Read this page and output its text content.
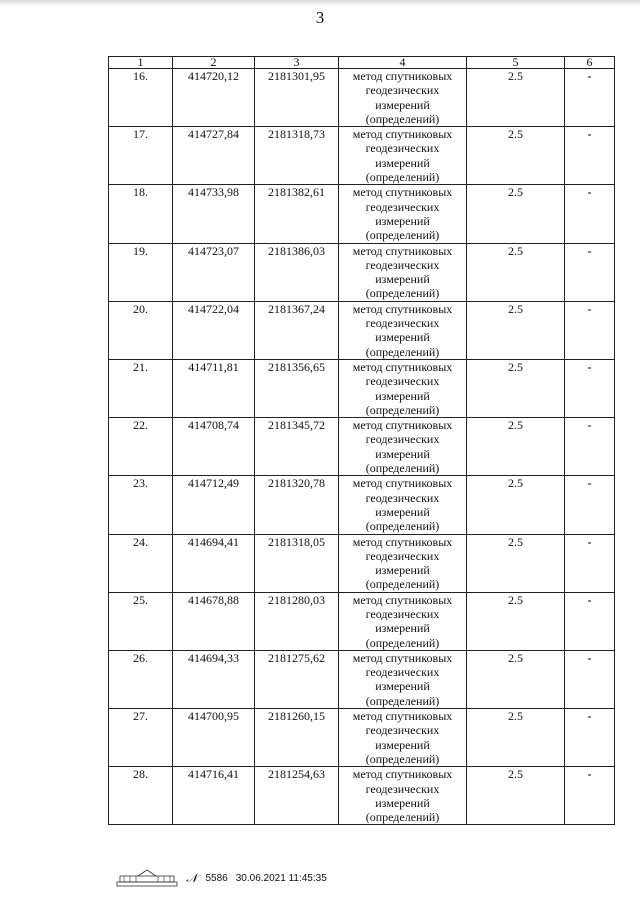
3
1	2	3	4	5	6
16.	414720,12	2181301,95	метод спутниковых
геодезических
измерений
(определений)	2.5	-
17.	414727,84	2181318,73	метод спутниковых
геодезических
измерений
(определений)	2.5	-
18.	414733,98	2181382,61	метод спутниковых
геодезических
измерений
(определений)	2.5	-
19.	414723,07	2181386,03	метод спутниковых
геодезических
измерений
(определений)	2.5	-
20.	414722,04	2181367,24	метод спутниковых
геодезических
измерений
(определений)	2.5	-
21.	414711,81	2181356,65	метод спутниковых
геодезических
измерений
(определений)	2.5	-
22.	414708,74	2181345,72	метод спутниковых
геодезических
измерений
(определений)	2.5	-
23.	414712,49	2181320,78	метод спутниковых
геодезических
измерений
(определений)	2.5	-
24.	414694,41	2181318,05	метод спутниковых
геодезических
измерений
(определений)	2.5	-
25.	414678,88	2181280,03	метод спутниковых
геодезических
измерений
(определений)	2.5	-
26.	414694,33	2181275,62	метод спутниковых
геодезических
измерений
(определений)	2.5	-
27.	414700,95	2181260,15	метод спутниковых
геодезических
измерений
(определений)	2.5	-
28.	414716,41	2181254,63	метод спутниковых
геодезических
измерений
(определений)	2.5	-
𝒩 5586 30.06.2021 11:45:35
